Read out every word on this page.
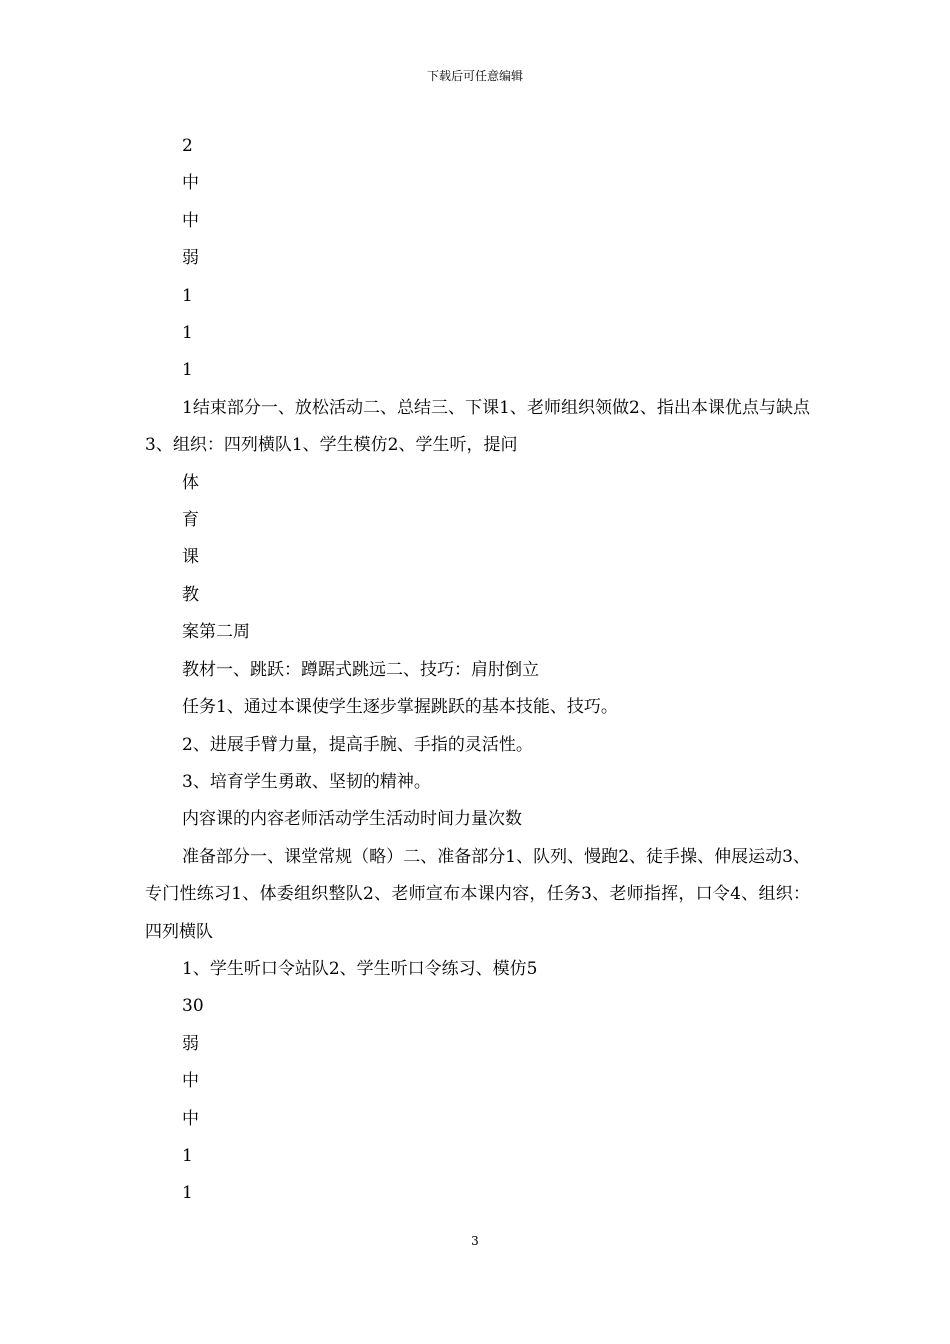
下载后可任意编辑

2

中

中

弱

1

1

1

1结束部分一、放松活动二、总结三、下课1、老师组织领做2、指出本课优点与缺点3、组织：四列横队1、学生模仿2、学生听，提问

体

育

课

教

案第二周

教材一、跳跃：蹲踞式跳远二、技巧：肩肘倒立

任务1、通过本课使学生逐步掌握跳跃的基本技能、技巧。

2、进展手臂力量，提高手腕、手指的灵活性。

3、培育学生勇敢、坚韧的精神。

内容课的内容老师活动学生活动时间力量次数

准备部分一、课堂常规（略）二、准备部分1、队列、慢跑2、徒手操、伸展运动3、专门性练习1、体委组织整队2、老师宣布本课内容，任务3、老师指挥，口令4、组织：四列横队

1、学生听口令站队2、学生听口令练习、模仿5

30

弱

中

中

1

1

3
